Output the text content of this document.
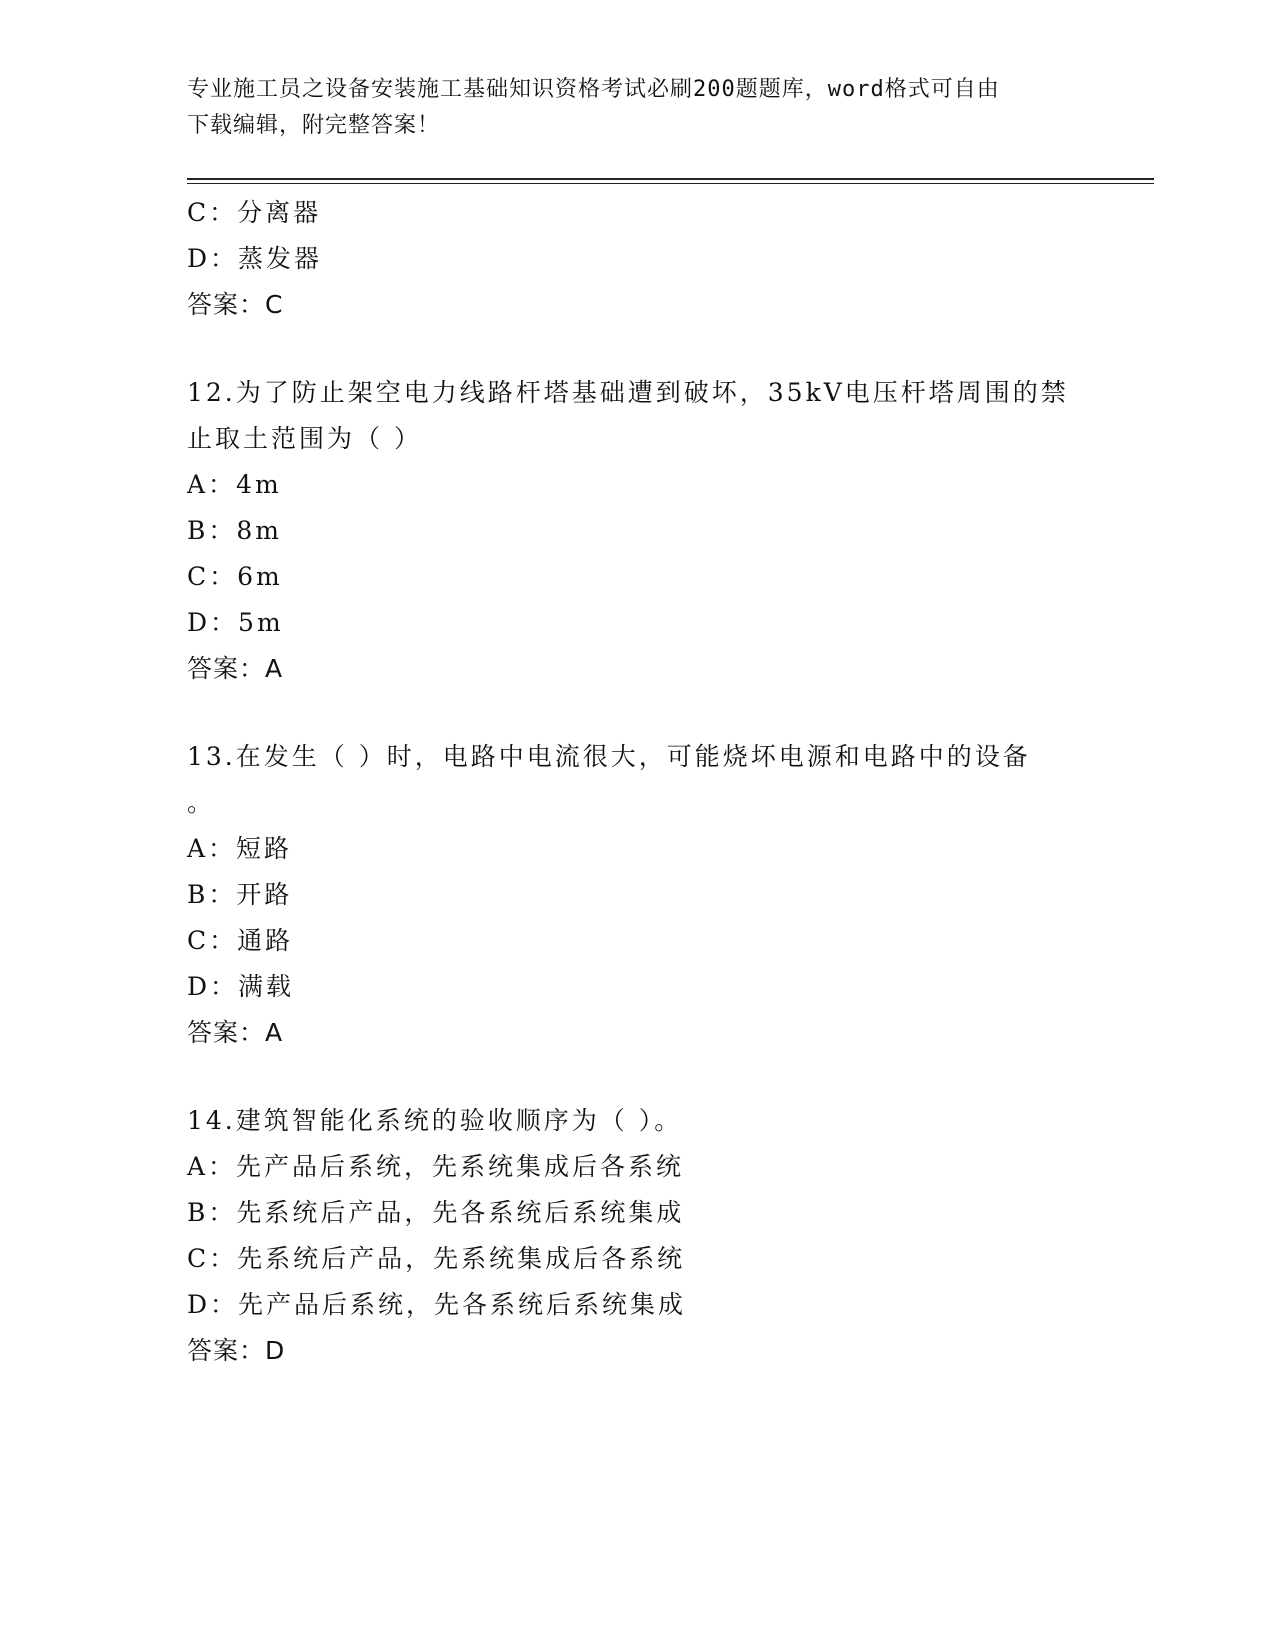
专业施工员之设备安装施工基础知识资格考试必刷200题题库，word格式可自由
下载编辑，附完整答案！
C：分离器
D：蒸发器
答案：C
12.为了防止架空电力线路杆塔基础遭到破坏，35kV电压杆塔周围的禁
止取土范围为（ ）
A：4m
B：8m
C：6m
D：5m
答案：A
13.在发生（ ）时，电路中电流很大，可能烧坏电源和电路中的设备
。
A：短路
B：开路
C：通路
D：满载
答案：A
14.建筑智能化系统的验收顺序为（ ）。
A：先产品后系统，先系统集成后各系统
B：先系统后产品，先各系统后系统集成
C：先系统后产品，先系统集成后各系统
D：先产品后系统，先各系统后系统集成
答案：D
